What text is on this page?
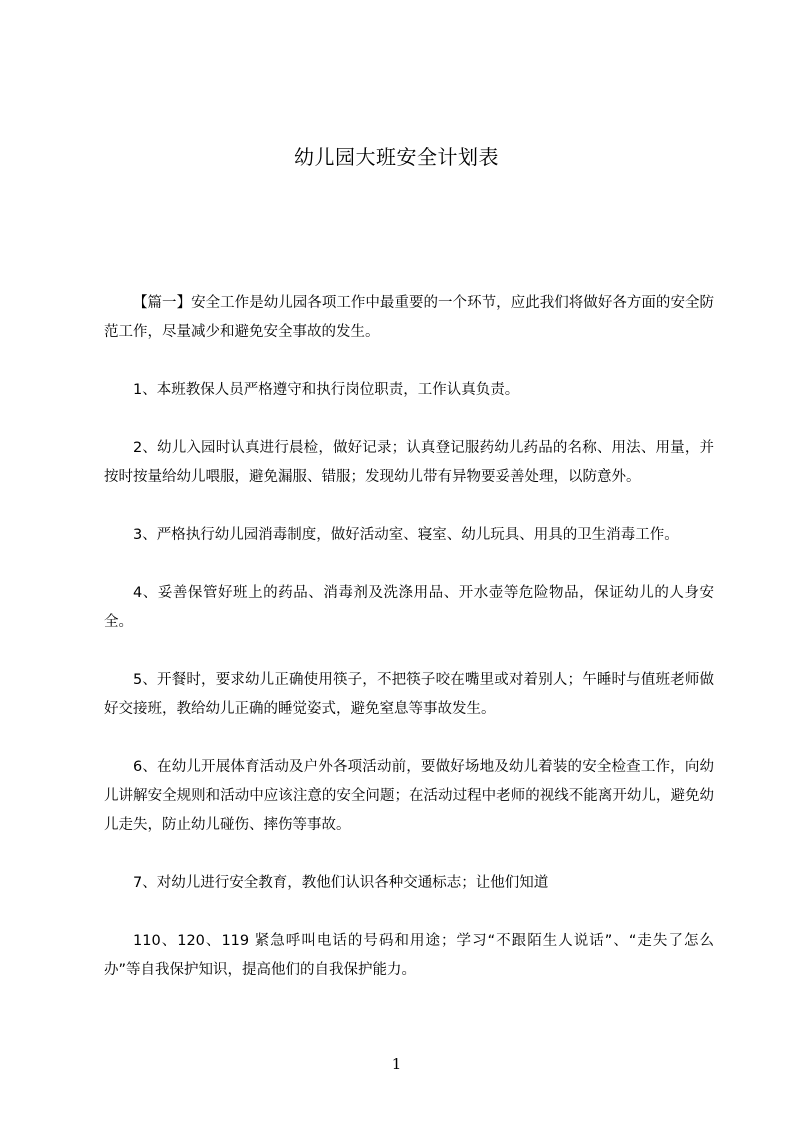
幼儿园大班安全计划表

【篇一】安全工作是幼儿园各项工作中最重要的一个环节，应此我们将做好各方面的安全防范工作，尽量减少和避免安全事故的发生。

1、本班教保人员严格遵守和执行岗位职责，工作认真负责。

2、幼儿入园时认真进行晨检，做好记录；认真登记服药幼儿药品的名称、用法、用量，并按时按量给幼儿喂服，避免漏服、错服；发现幼儿带有异物要妥善处理，以防意外。

3、严格执行幼儿园消毒制度，做好活动室、寝室、幼儿玩具、用具的卫生消毒工作。

4、妥善保管好班上的药品、消毒剂及洗涤用品、开水壶等危险物品，保证幼儿的人身安全。

5、开餐时，要求幼儿正确使用筷子，不把筷子咬在嘴里或对着别人；午睡时与值班老师做好交接班，教给幼儿正确的睡觉姿式，避免窒息等事故发生。

6、在幼儿开展体育活动及户外各项活动前，要做好场地及幼儿着装的安全检查工作，向幼儿讲解安全规则和活动中应该注意的安全问题；在活动过程中老师的视线不能离开幼儿，避免幼儿走失，防止幼儿碰伤、摔伤等事故。

7、对幼儿进行安全教育，教他们认识各种交通标志；让他们知道

110、120、119 紧急呼叫电话的号码和用途；学习“不跟陌生人说话”、“走失了怎么办”等自我保护知识，提高他们的自我保护能力。

1
